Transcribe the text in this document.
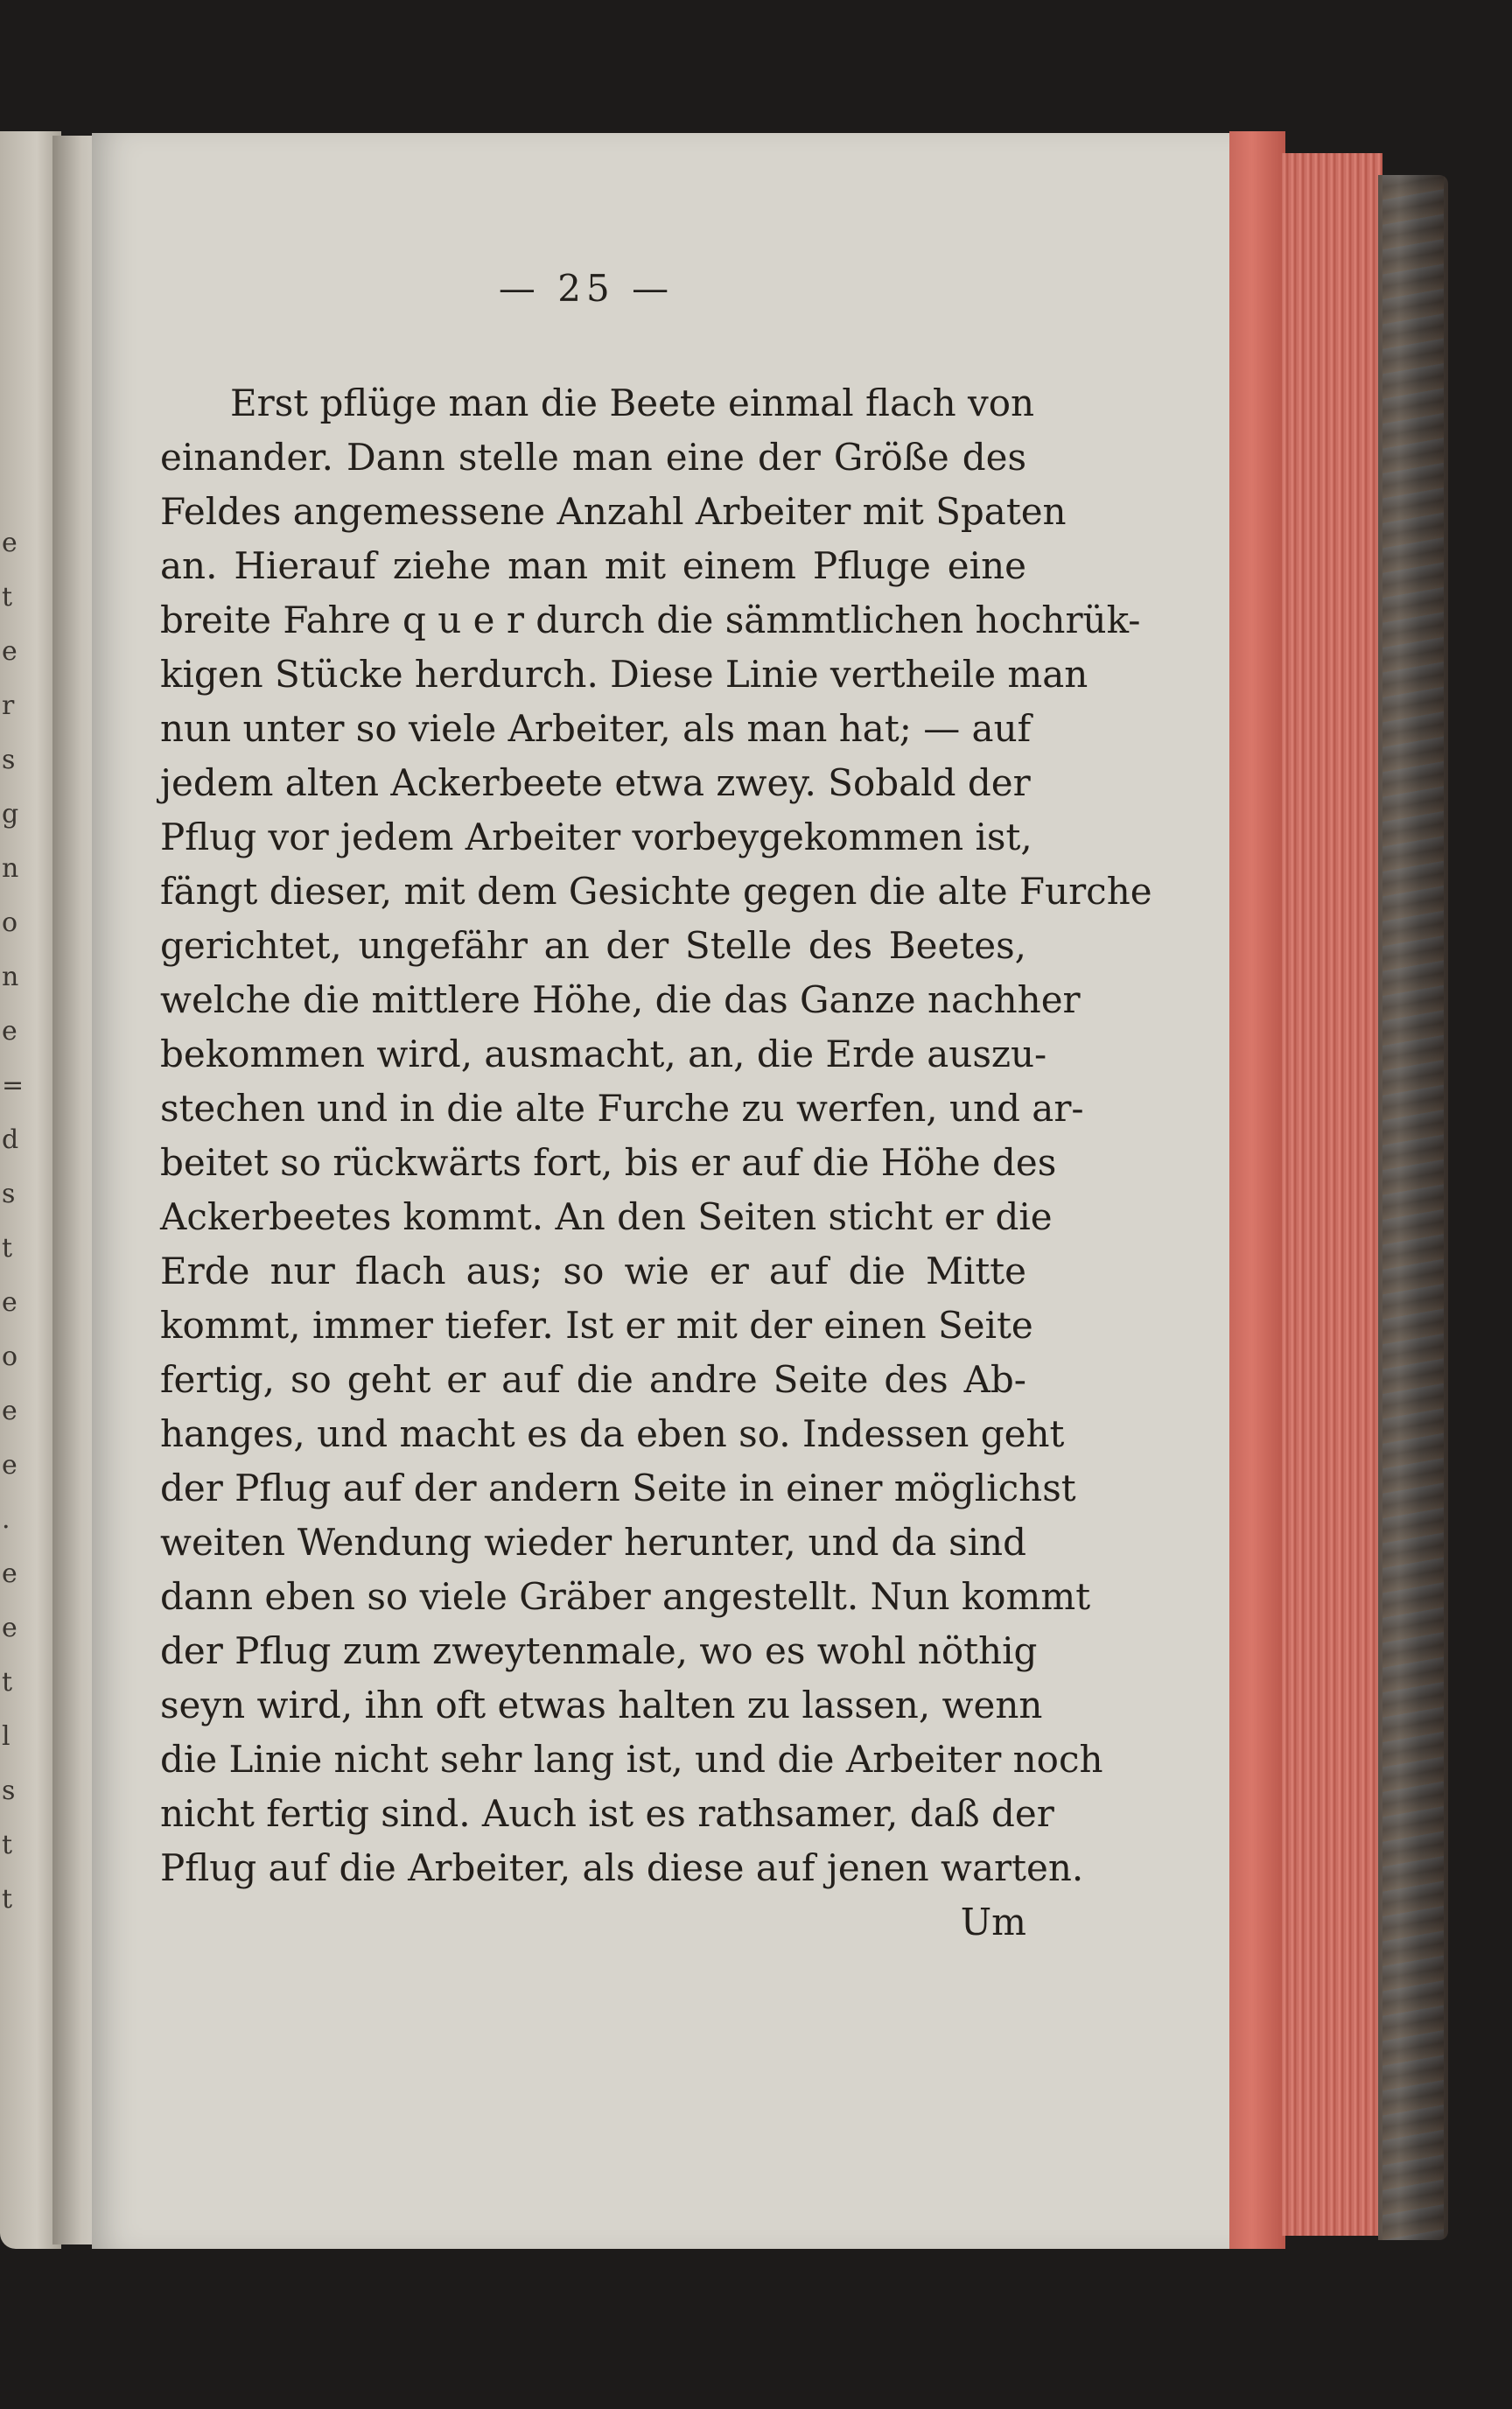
e
t
e
r
s
g
n
o
n
e
=
d
s
t
e
o
e
e
.
e
e
t
l
s
t
t
— 25 —
Erst pflüge man die Beete einmal flach von
einander. Dann stelle man eine der Größe des
Feldes angemessene Anzahl Arbeiter mit Spaten
an. Hierauf ziehe man mit einem Pfluge eine
breite Fahre q u e r durch die sämmtlichen hochrük-
kigen Stücke herdurch. Diese Linie vertheile man
nun unter so viele Arbeiter, als man hat; — auf
jedem alten Ackerbeete etwa zwey. Sobald der
Pflug vor jedem Arbeiter vorbeygekommen ist,
fängt dieser, mit dem Gesichte gegen die alte Furche
gerichtet, ungefähr an der Stelle des Beetes,
welche die mittlere Höhe, die das Ganze nachher
bekommen wird, ausmacht, an, die Erde auszu-
stechen und in die alte Furche zu werfen, und ar-
beitet so rückwärts fort, bis er auf die Höhe des
Ackerbeetes kommt. An den Seiten sticht er die
Erde nur flach aus; so wie er auf die Mitte
kommt, immer tiefer. Ist er mit der einen Seite
fertig, so geht er auf die andre Seite des Ab-
hanges, und macht es da eben so. Indessen geht
der Pflug auf der andern Seite in einer möglichst
weiten Wendung wieder herunter, und da sind
dann eben so viele Gräber angestellt. Nun kommt
der Pflug zum zweytenmale, wo es wohl nöthig
seyn wird, ihn oft etwas halten zu lassen, wenn
die Linie nicht sehr lang ist, und die Arbeiter noch
nicht fertig sind. Auch ist es rathsamer, daß der
Pflug auf die Arbeiter, als diese auf jenen warten.
Um
